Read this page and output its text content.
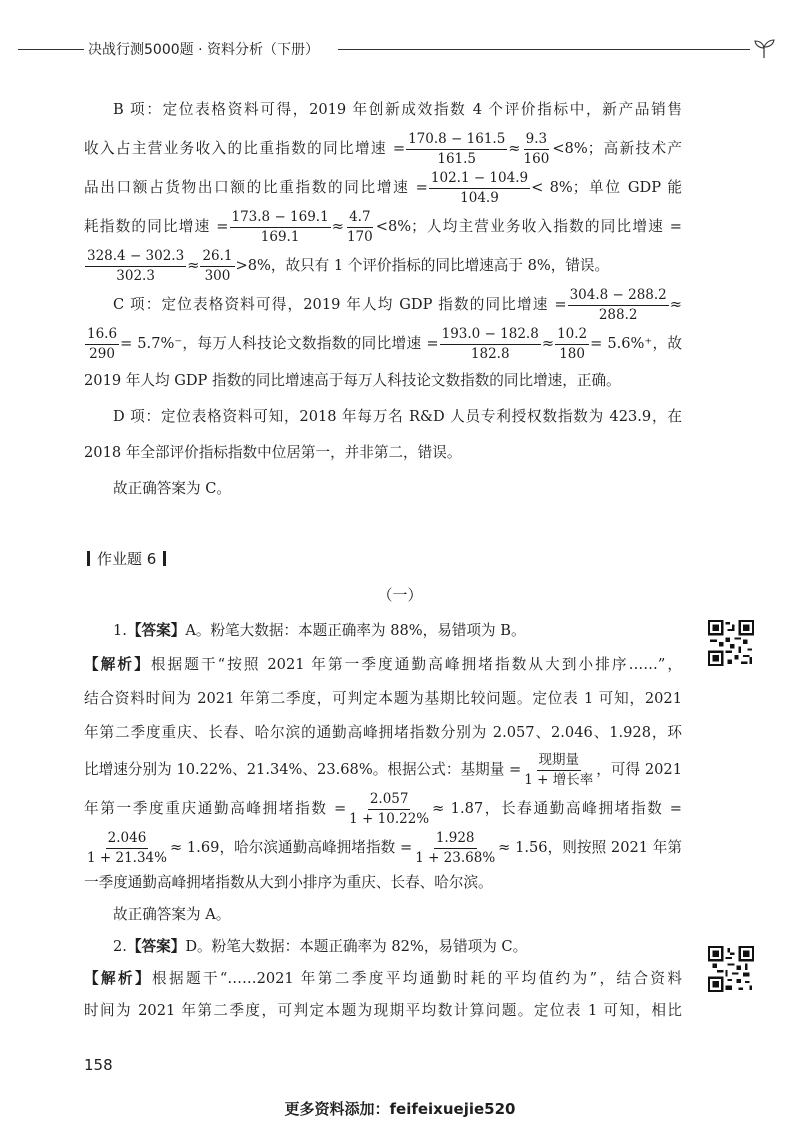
决战行测5000题 · 资料分析（下册）

B 项：定位表格资料可得，2019 年创新成效指数 4 个评价指标中，新产品销售

收入占主营业务收入的比重指数的同比增速 = $\frac{170.8 - 161.5}{161.5} \approx \frac{9.3}{160} <8\%$；高新技术产

品出口额占货物出口额的比重指数的同比增速 = $\frac{102.1 - 104.9}{104.9} < 8\%$；单位 GDP 能

耗指数的同比增速 = $\frac{173.8 - 169.1}{169.1} \approx \frac{4.7}{170} <8\%$；人均主营业务收入指数的同比增速 =

$\frac{328.4 - 302.3}{302.3} \approx \frac{26.1}{300} >8\%$，故只有 1 个评价指标的同比增速高于 8%，错误。

C 项：定位表格资料可得，2019 年人均 GDP 指数的同比增速 = $\frac{304.8 - 288.2}{288.2}$ ≈

$\frac{16.6}{290} = 5.7\%^-$，每万人科技论文数指数的同比增速 = $\frac{193.0 - 182.8}{182.8} \approx \frac{10.2}{180} = 5.6\%^+$，故

2019 年人均 GDP 指数的同比增速高于每万人科技论文数指数的同比增速，正确。

D 项：定位表格资料可知，2018 年每万名 R&D 人员专利授权数指数为 423.9，在

2018 年全部评价指标指数中位居第一，并非第二，错误。

故正确答案为 C。

作业题 6
（一）

1.【答案】A。粉笔大数据：本题正确率为 88%，易错项为 B。

【解析】根据题干“按照 2021 年第一季度通勤高峰拥堵指数从大到小排序……”，

结合资料时间为 2021 年第二季度，可判定本题为基期比较问题。定位表 1 可知，2021

年第二季度重庆、长春、哈尔滨的通勤高峰拥堵指数分别为 2.057、2.046、1.928，环

比增速分别为 10.22%、21.34%、23.68%。根据公式：基期量 = $\frac{\text{现期量}}{\text{1 + 增长率}}$ ，可得 2021

年第一季度重庆通勤高峰拥堵指数 = $\frac{2.057}{1 + 10.22\%} \approx 1.87$，长春通勤高峰拥堵指数 =

$\frac{2.046}{1 + 21.34\%} \approx 1.69$，哈尔滨通勤高峰拥堵指数 = $\frac{1.928}{1 + 23.68\%} \approx 1.56$，则按照 2021 年第

一季度通勤高峰拥堵指数从大到小排序为重庆、长春、哈尔滨。

故正确答案为 A。

2.【答案】D。粉笔大数据：本题正确率为 82%，易错项为 C。

【解析】根据题干“……2021 年第二季度平均通勤时耗的平均值约为”，结合资料

时间为 2021 年第二季度，可判定本题为现期平均数计算问题。定位表 1 可知，相比

158
更多资料添加：feifeixuejie520
